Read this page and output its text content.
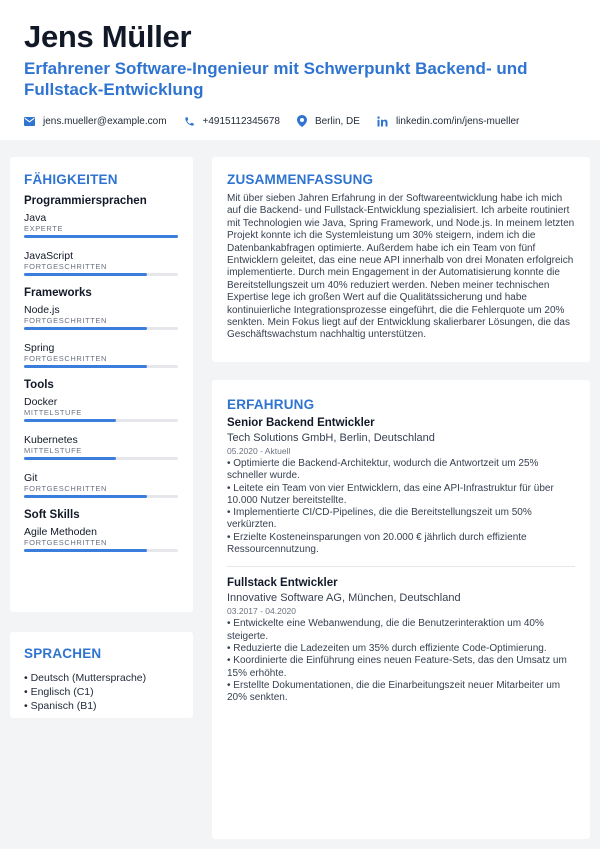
Jens Müller
Erfahrener Software-Ingenieur mit Schwerpunkt Backend- und Fullstack-Entwicklung
jens.mueller@example.com	+4915112345678	Berlin, DE	linkedin.com/in/jens-mueller
FÄHIGKEITEN
Programmiersprachen
Java
EXPERTE
JavaScript
FORTGESCHRITTEN
Frameworks
Node.js
FORTGESCHRITTEN
Spring
FORTGESCHRITTEN
Tools
Docker
MITTELSTUFE
Kubernetes
MITTELSTUFE
Git
FORTGESCHRITTEN
Soft Skills
Agile Methoden
FORTGESCHRITTEN
SPRACHEN
• Deutsch (Muttersprache)
• Englisch (C1)
• Spanisch (B1)
ZUSAMMENFASSUNG

Mit über sieben Jahren Erfahrung in der Softwareentwicklung habe ich mich auf die Backend- und Fullstack-Entwicklung spezialisiert. Ich arbeite routiniert mit Technologien wie Java, Spring Framework, und Node.js. In meinem letzten Projekt konnte ich die Systemleistung um 30% steigern, indem ich die Datenbankabfragen optimierte. Außerdem habe ich ein Team von fünf Entwicklern geleitet, das eine neue API innerhalb von drei Monaten erfolgreich implementierte. Durch mein Engagement in der Automatisierung konnte die Bereitstellungszeit um 40% reduziert werden. Neben meiner technischen Expertise lege ich großen Wert auf die Qualitätssicherung und habe kontinuierliche Integrationsprozesse eingeführt, die die Fehlerquote um 20% senkten. Mein Fokus liegt auf der Entwicklung skalierbarer Lösungen, die das Geschäftswachstum nachhaltig unterstützen.

ERFAHRUNG
Senior Backend Entwickler
Tech Solutions GmbH, Berlin, Deutschland
05.2020 - Aktuell
• Optimierte die Backend-Architektur, wodurch die Antwortzeit um 25% schneller wurde.
• Leitete ein Team von vier Entwicklern, das eine API-Infrastruktur für über 10.000 Nutzer bereitstellte.
• Implementierte CI/CD-Pipelines, die die Bereitstellungszeit um 50% verkürzten.
• Erzielte Kosteneinsparungen von 20.000 € jährlich durch effiziente Ressourcennutzung.
Fullstack Entwickler
Innovative Software AG, München, Deutschland
03.2017 - 04.2020
• Entwickelte eine Webanwendung, die die Benutzerinteraktion um 40% steigerte.
• Reduzierte die Ladezeiten um 35% durch effiziente Code-Optimierung.
• Koordinierte die Einführung eines neuen Feature-Sets, das den Umsatz um 15% erhöhte.
• Erstellte Dokumentationen, die die Einarbeitungszeit neuer Mitarbeiter um 20% senkten.
